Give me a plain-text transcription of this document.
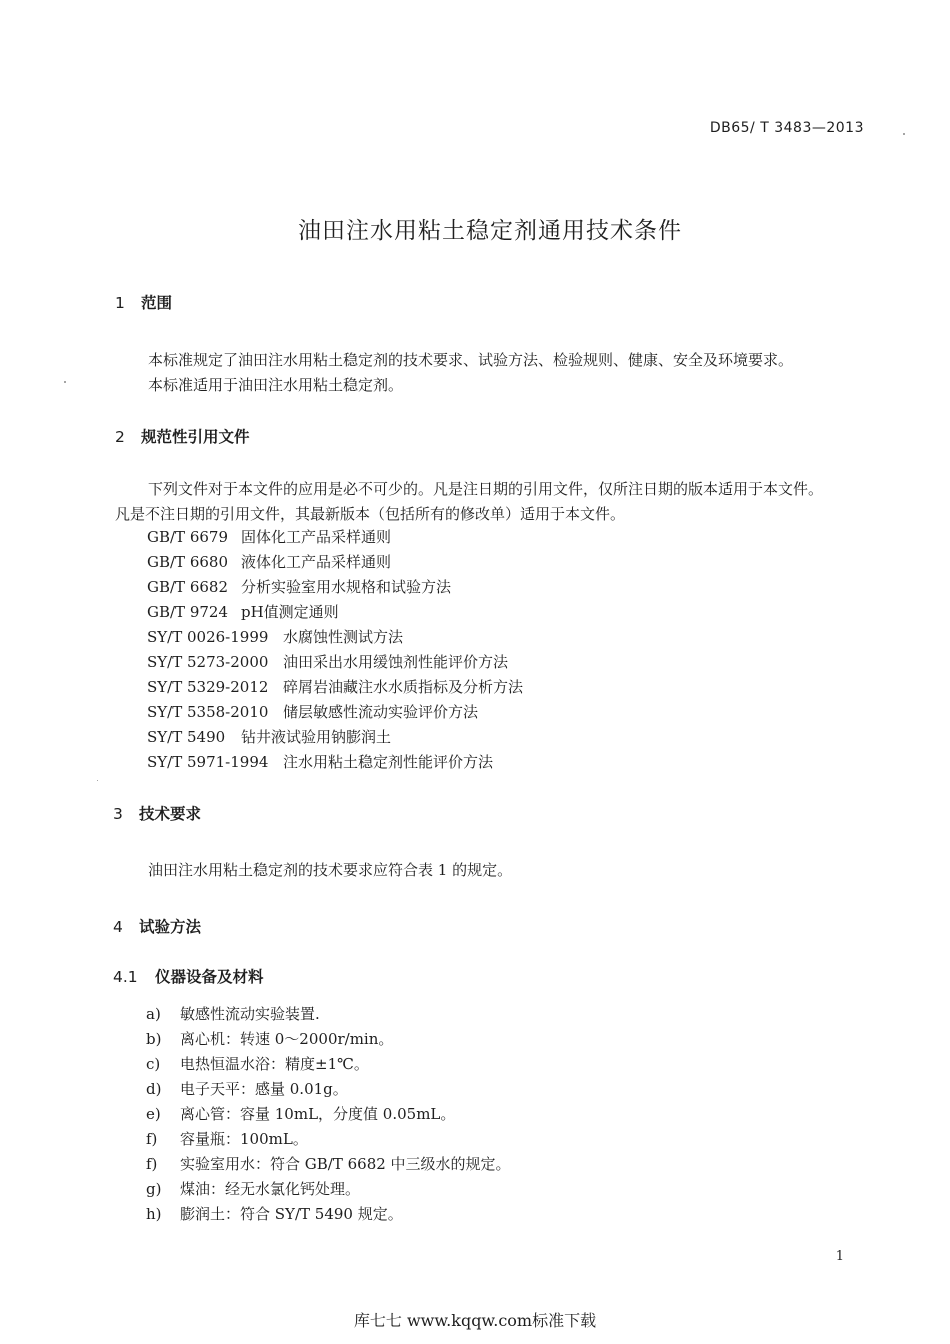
DB65/ T 3483—2013
油田注水用粘土稳定剂通用技术条件
1 范围
本标准规定了油田注水用粘土稳定剂的技术要求、试验方法、检验规则、健康、安全及环境要求。
本标准适用于油田注水用粘土稳定剂。
2 规范性引用文件
下列文件对于本文件的应用是必不可少的。凡是注日期的引用文件，仅所注日期的版本适用于本文件。凡是不注日期的引用文件，其最新版本（包括所有的修改单）适用于本文件。
GB/T 6679 固体化工产品采样通则
GB/T 6680 液体化工产品采样通则
GB/T 6682 分析实验室用水规格和试验方法
GB/T 9724 pH值测定通则
SY/T 0026-1999 水腐蚀性测试方法
SY/T 5273-2000 油田采出水用缓蚀剂性能评价方法
SY/T 5329-2012 碎屑岩油藏注水水质指标及分析方法
SY/T 5358-2010 储层敏感性流动实验评价方法
SY/T 5490 钻井液试验用钠膨润土
SY/T 5971-1994 注水用粘土稳定剂性能评价方法
3 技术要求
油田注水用粘土稳定剂的技术要求应符合表 1 的规定。
4 试验方法
4.1 仪器设备及材料
a) 敏感性流动实验装置.
b) 离心机：转速 0～2000r/min。
c) 电热恒温水浴：精度±1℃。
d) 电子天平：感量 0.01g。
e) 离心管：容量 10mL，分度值 0.05mL。
f) 容量瓶：100mL。
f) 实验室用水：符合 GB/T 6682 中三级水的规定。
g) 煤油：经无水氯化钙处理。
h) 膨润土：符合 SY/T 5490 规定。
1
库七七 www.kqqw.com标准下载
